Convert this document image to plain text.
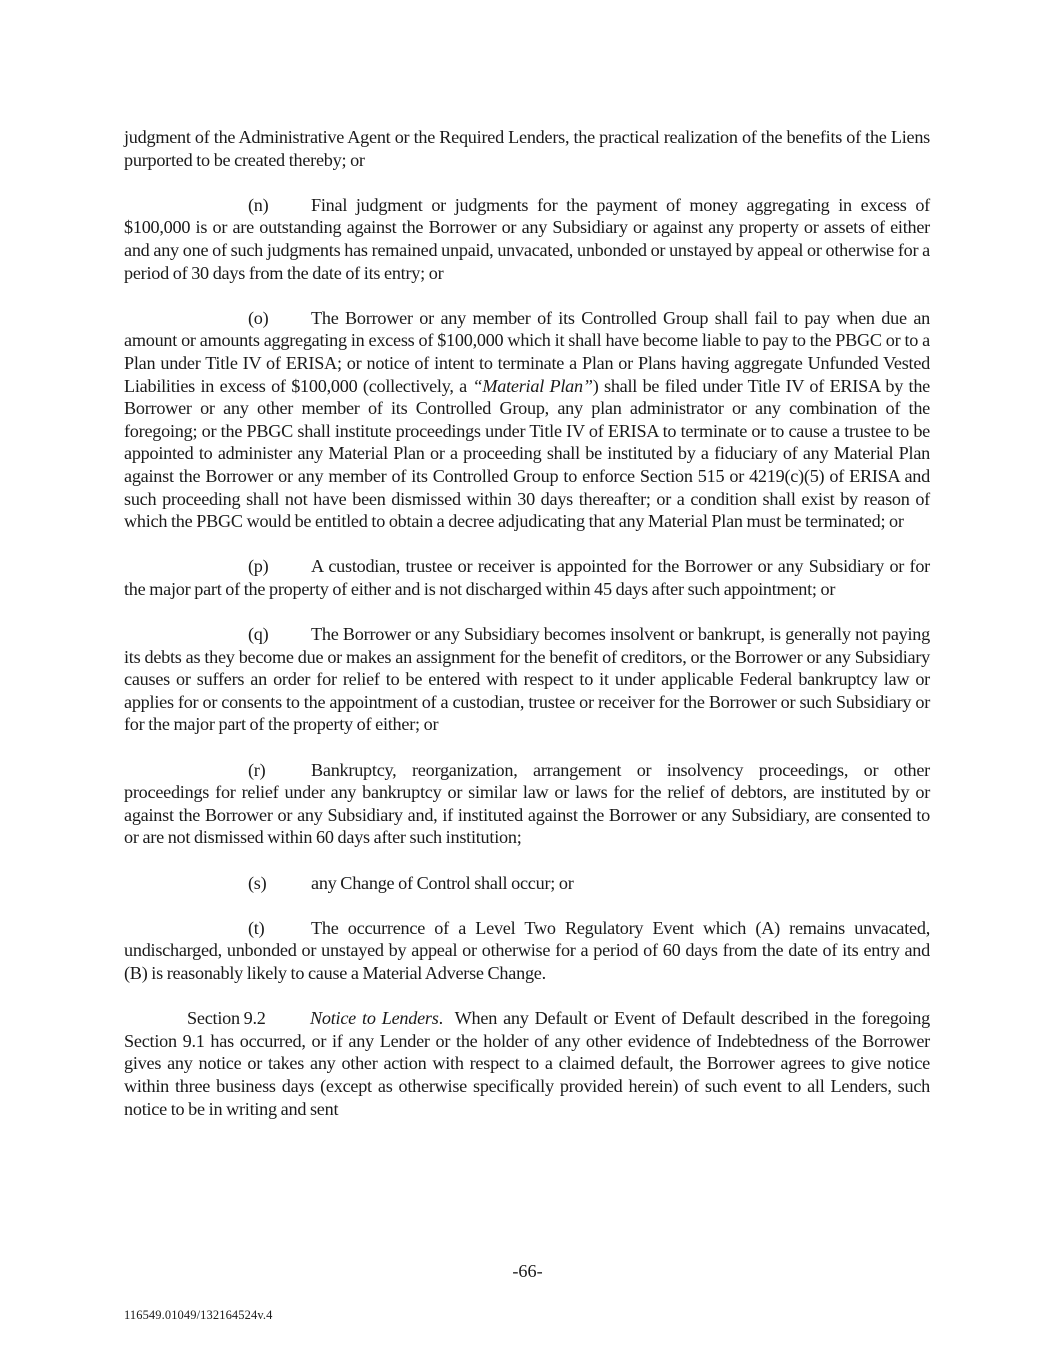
judgment of the Administrative Agent or the Required Lenders, the practical realization of the benefits of the Liens purported to be created thereby; or

(n) Final judgment or judgments for the payment of money aggregating in excess of $100,000 is or are outstanding against the Borrower or any Subsidiary or against any property or assets of either and any one of such judgments has remained unpaid, unvacated, unbonded or unstayed by appeal or otherwise for a period of 30 days from the date of its entry; or

(o) The Borrower or any member of its Controlled Group shall fail to pay when due an amount or amounts aggregating in excess of $100,000 which it shall have become liable to pay to the PBGC or to a Plan under Title IV of ERISA; or notice of intent to terminate a Plan or Plans having aggregate Unfunded Vested Liabilities in excess of $100,000 (collectively, a “Material Plan”) shall be filed under Title IV of ERISA by the Borrower or any other member of its Controlled Group, any plan administrator or any combination of the foregoing; or the PBGC shall institute proceedings under Title IV of ERISA to terminate or to cause a trustee to be appointed to administer any Material Plan or a proceeding shall be instituted by a fiduciary of any Material Plan against the Borrower or any member of its Controlled Group to enforce Section 515 or 4219(c)(5) of ERISA and such proceeding shall not have been dismissed within 30 days thereafter; or a condition shall exist by reason of which the PBGC would be entitled to obtain a decree adjudicating that any Material Plan must be terminated; or

(p) A custodian, trustee or receiver is appointed for the Borrower or any Subsidiary or for the major part of the property of either and is not discharged within 45 days after such appointment; or

(q) The Borrower or any Subsidiary becomes insolvent or bankrupt, is generally not paying its debts as they become due or makes an assignment for the benefit of creditors, or the Borrower or any Subsidiary causes or suffers an order for relief to be entered with respect to it under applicable Federal bankruptcy law or applies for or consents to the appointment of a custodian, trustee or receiver for the Borrower or such Subsidiary or for the major part of the property of either; or

(r)	Bankruptcy, reorganization, arrangement or insolvency proceedings, or other proceedings for relief under any bankruptcy or similar law or laws for the relief of debtors, are instituted by or against the Borrower or any Subsidiary and, if instituted against the Borrower or any Subsidiary, are consented to or are not dismissed within 60 days after such institution;

(s) any Change of Control shall occur; or

(t)	The occurrence of a Level Two Regulatory Event which (A) remains unvacated, undischarged, unbonded or unstayed by appeal or otherwise for a period of 60 days from the date of its entry and (B) is reasonably likely to cause a Material Adverse Change.

Section 9.2 Notice to Lenders. When any Default or Event of Default described in the foregoing Section 9.1 has occurred, or if any Lender or the holder of any other evidence of Indebtedness of the Borrower gives any notice or takes any other action with respect to a claimed default, the Borrower agrees to give notice within three business days (except as otherwise specifically provided herein) of such event to all Lenders, such notice to be in writing and sent

-66-
116549.01049/132164524v.4
